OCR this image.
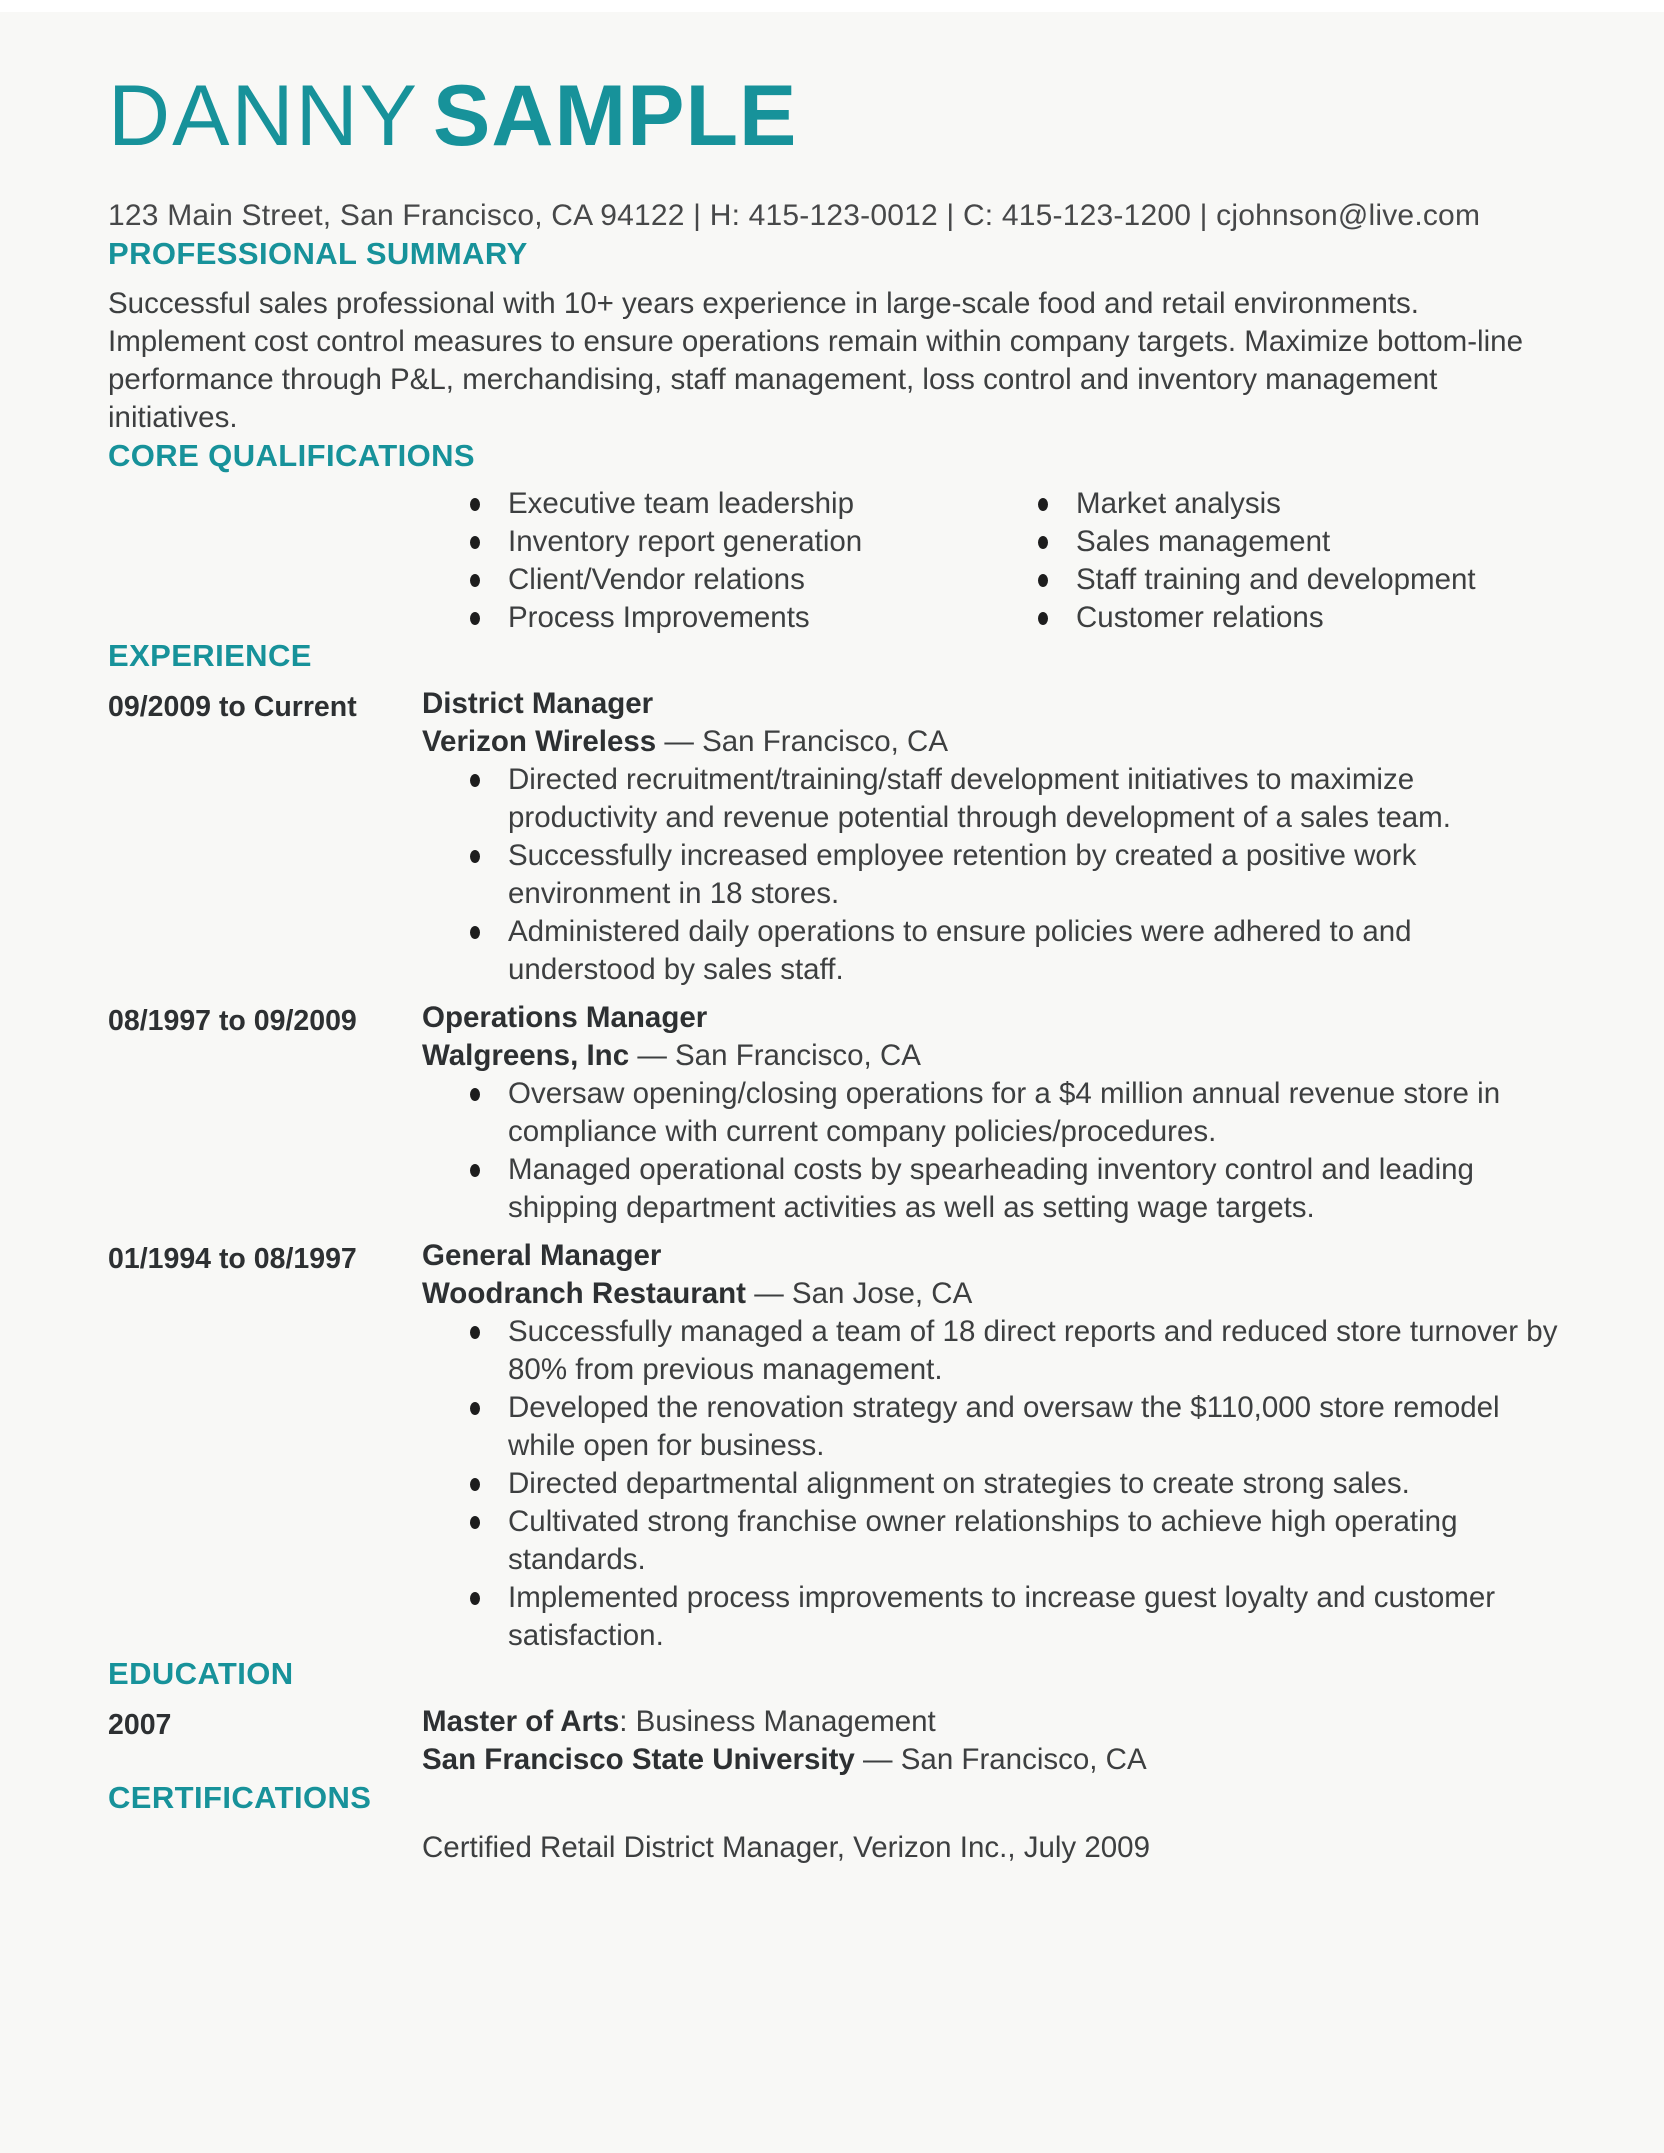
DANNY SAMPLE
123 Main Street, San Francisco, CA 94122 | H: 415-123-0012 | C: 415-123-1200 | cjohnson@live.com
PROFESSIONAL SUMMARY
Successful sales professional with 10+ years experience in large-scale food and retail environments. Implement cost control measures to ensure operations remain within company targets. Maximize bottom-line performance through P&L, merchandising, staff management, loss control and inventory management initiatives.
CORE QUALIFICATIONS
Executive team leadership
Inventory report generation
Client/Vendor relations
Process Improvements
Market analysis
Sales management
Staff training and development
Customer relations
EXPERIENCE
09/2009 to Current	District Manager
Verizon Wireless — San Francisco, CA
Directed recruitment/training/staff development initiatives to maximize productivity and revenue potential through development of a sales team.
Successfully increased employee retention by created a positive work environment in 18 stores.
Administered daily operations to ensure policies were adhered to and understood by sales staff.
08/1997 to 09/2009	Operations Manager
Walgreens, Inc — San Francisco, CA
Oversaw opening/closing operations for a $4 million annual revenue store in compliance with current company policies/procedures.
Managed operational costs by spearheading inventory control and leading shipping department activities as well as setting wage targets.
01/1994 to 08/1997	General Manager
Woodranch Restaurant — San Jose, CA
Successfully managed a team of 18 direct reports and reduced store turnover by 80% from previous management.
Developed the renovation strategy and oversaw the $110,000 store remodel while open for business.
Directed departmental alignment on strategies to create strong sales.
Cultivated strong franchise owner relationships to achieve high operating standards.
Implemented process improvements to increase guest loyalty and customer satisfaction.
EDUCATION
2007	Master of Arts: Business Management
San Francisco State University — San Francisco, CA
CERTIFICATIONS
Certified Retail District Manager, Verizon Inc., July 2009
